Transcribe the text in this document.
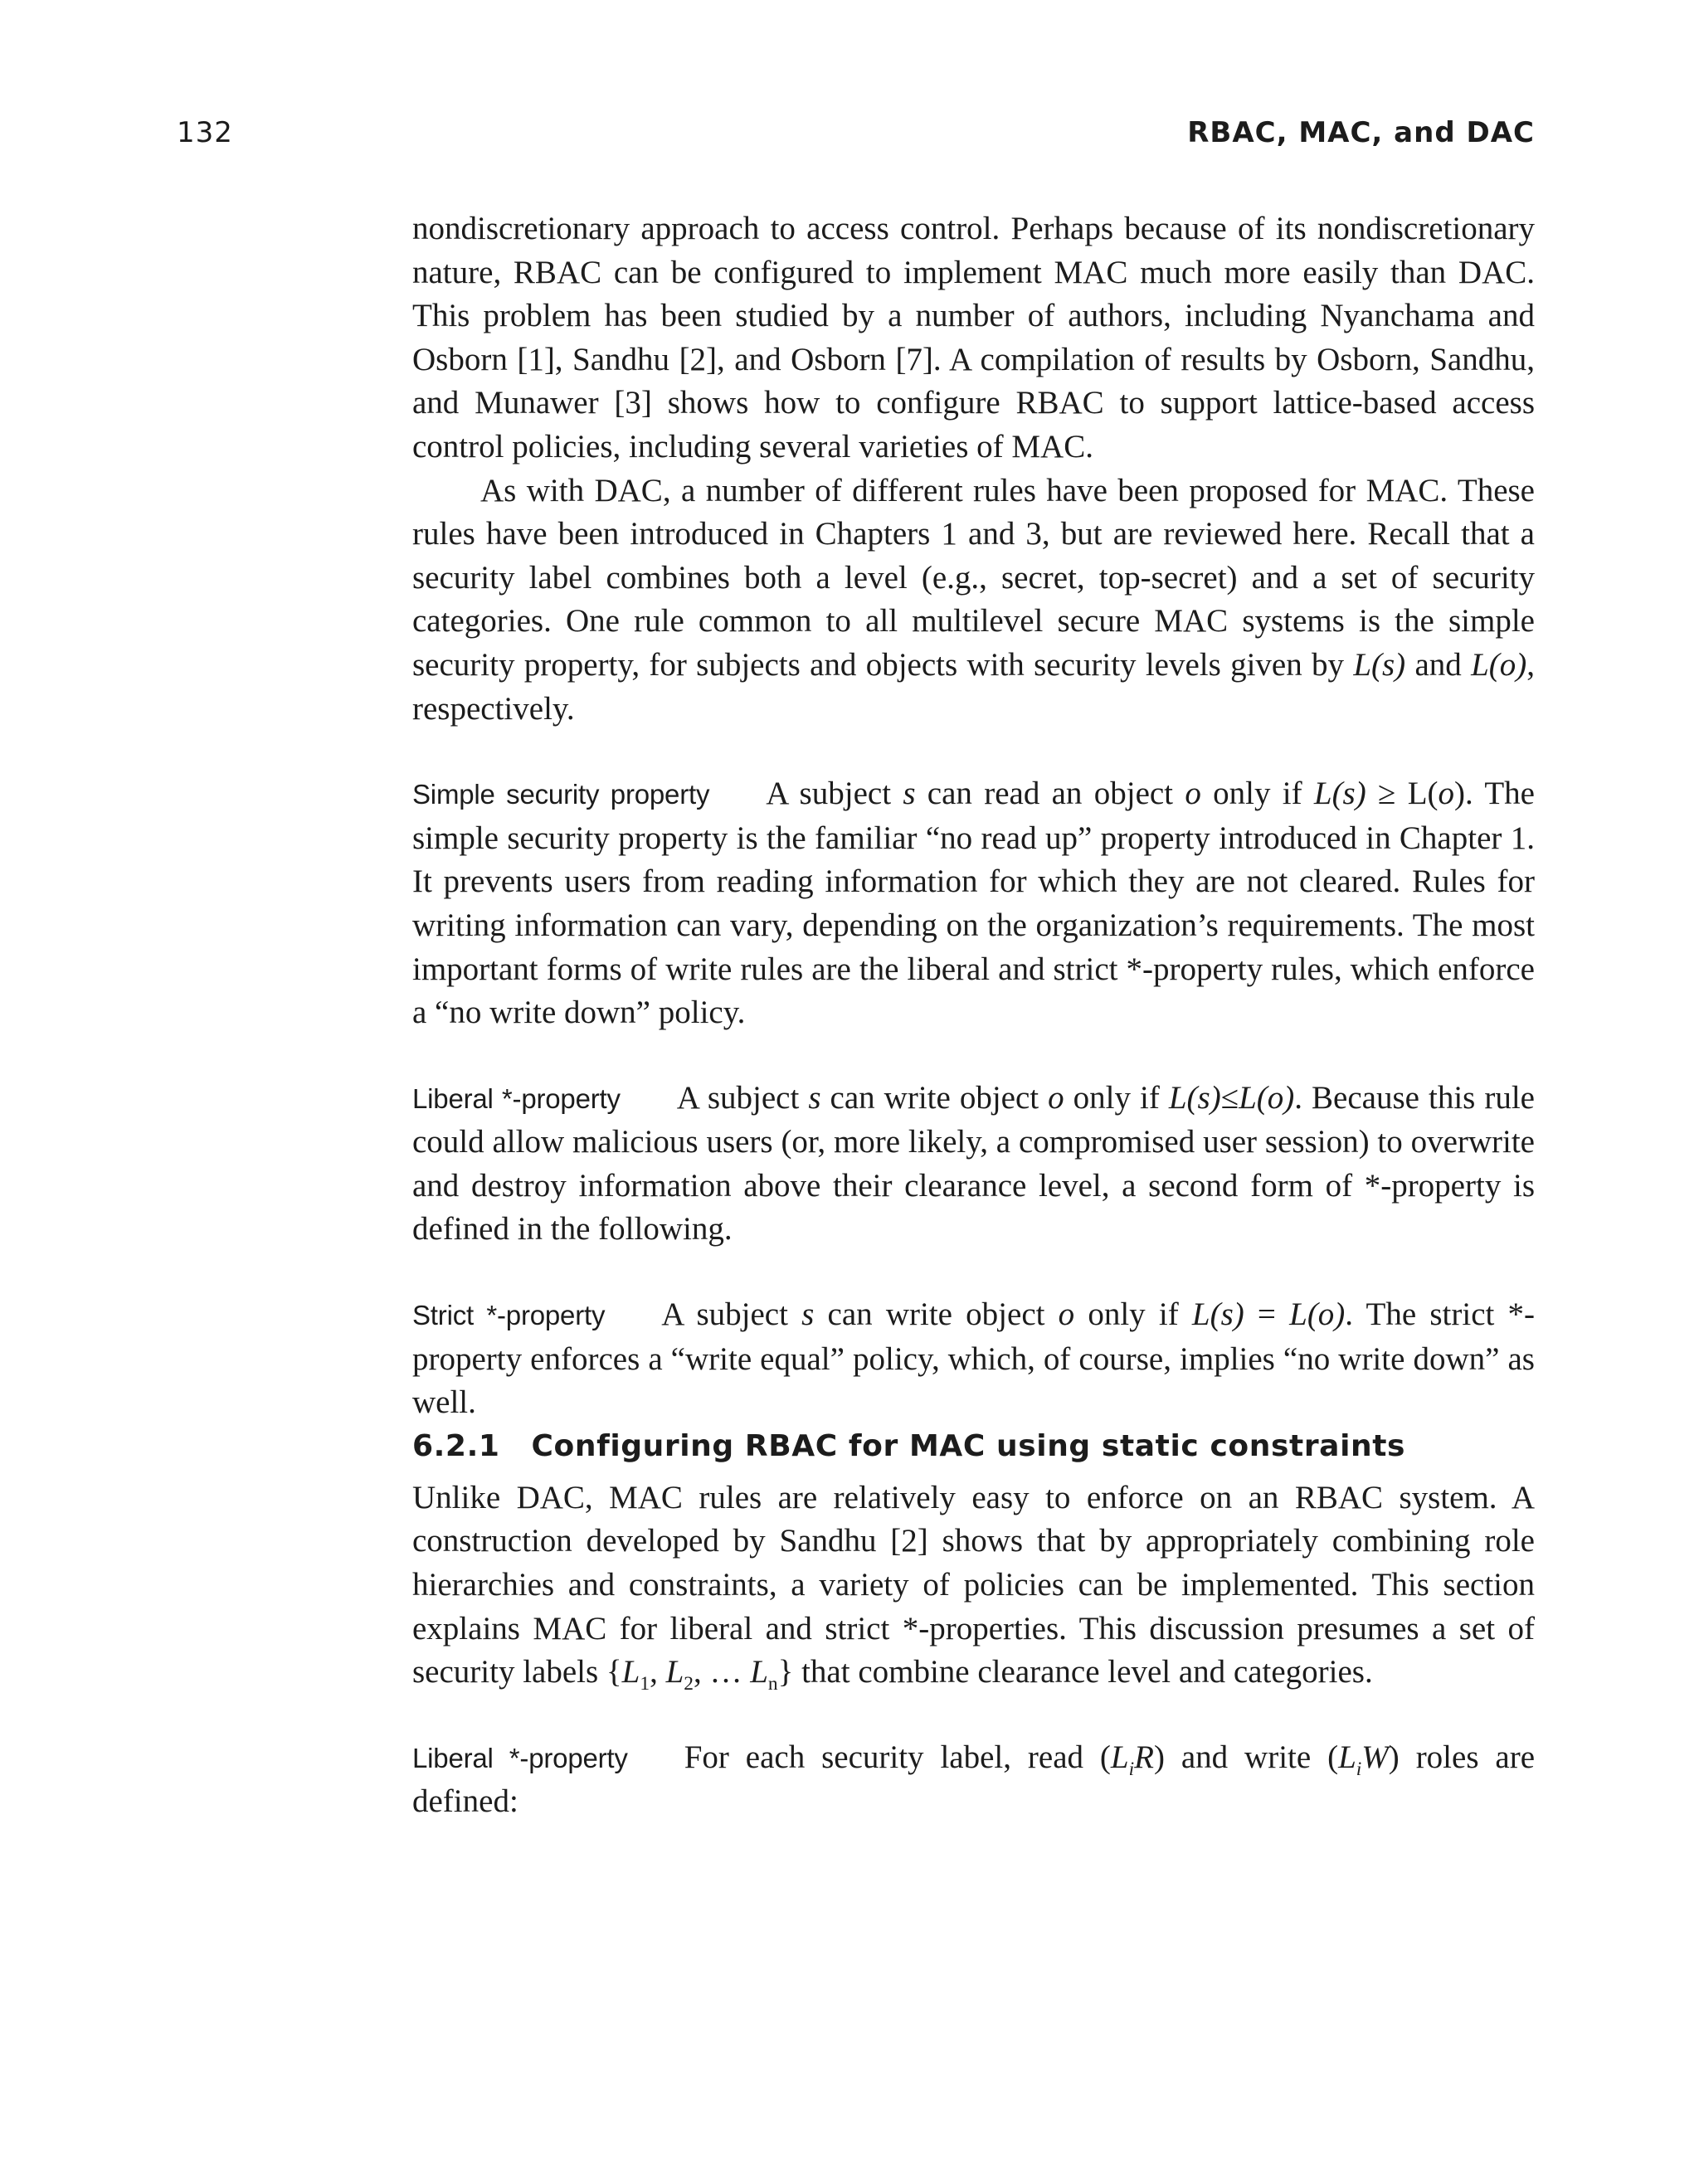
132	RBAC, MAC, and DAC

nondiscretionary approach to access control. Perhaps because of its nondiscretionary nature, RBAC can be configured to implement MAC much more easily than DAC. This problem has been studied by a number of authors, including Nyanchama and Osborn [1], Sandhu [2], and Osborn [7]. A compilation of results by Osborn, Sandhu, and Munawer [3] shows how to configure RBAC to support lattice-based access control policies, including several varieties of MAC.

As with DAC, a number of different rules have been proposed for MAC. These rules have been introduced in Chapters 1 and 3, but are reviewed here. Recall that a security label combines both a level (e.g., secret, top-secret) and a set of security categories. One rule common to all multilevel secure MAC systems is the simple security property, for subjects and objects with security levels given by L(s) and L(o), respectively.

Simple security property A subject s can read an object o only if L(s) ≥ L(o). The simple security property is the familiar “no read up” property introduced in Chapter 1. It prevents users from reading information for which they are not cleared. Rules for writing information can vary, depending on the organization’s requirements. The most important forms of write rules are the liberal and strict *-property rules, which enforce a “no write down” policy.

Liberal *-property A subject s can write object o only if L(s)≤L(o). Because this rule could allow malicious users (or, more likely, a compromised user session) to overwrite and destroy information above their clearance level, a second form of *-property is defined in the following.

Strict *-property A subject s can write object o only if L(s) = L(o). The strict *-property enforces a “write equal” policy, which, of course, implies “no write down” as well.

6.2.1 Configuring RBAC for MAC using static constraints

Unlike DAC, MAC rules are relatively easy to enforce on an RBAC system. A construction developed by Sandhu [2] shows that by appropriately combining role hierarchies and constraints, a variety of policies can be implemented. This section explains MAC for liberal and strict *-properties. This discussion presumes a set of security labels {$L_1$, $L_2$, … $L_n$} that combine clearance level and categories.

Liberal *-property For each security label, read $(L_iR)$ and write $(L_iW)$ roles are defined:
